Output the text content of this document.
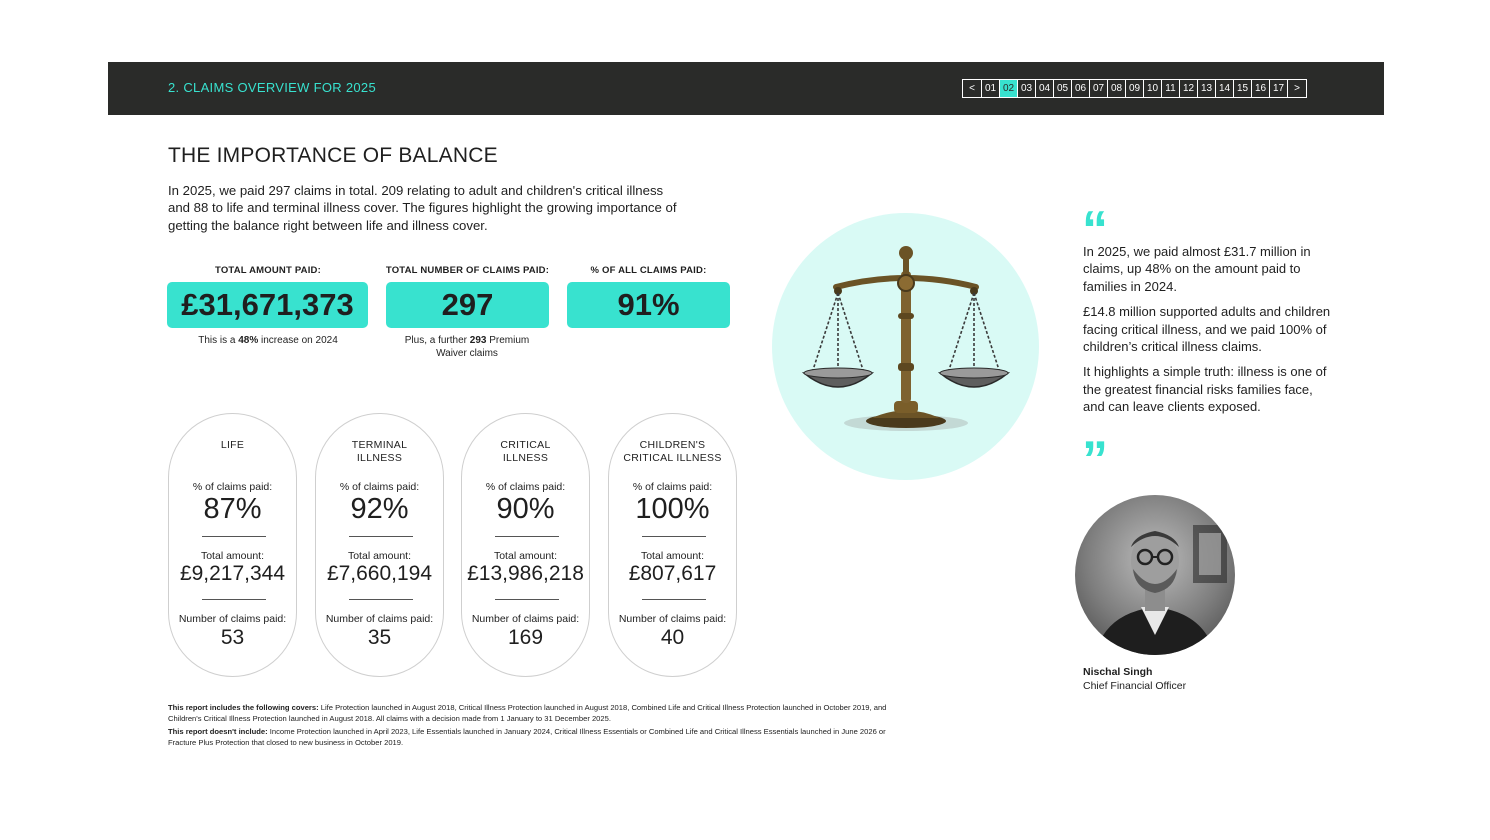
2. CLAIMS OVERVIEW FOR 2025	<	01 02 03 04 05 06 07 08 09 10 11 12 13 14 15 16 17	>
THE IMPORTANCE OF BALANCE
In 2025, we paid 297 claims in total. 209 relating to adult and children's critical illness and 88 to life and terminal illness cover. The figures highlight the growing importance of getting the balance right between life and illness cover.
TOTAL AMOUNT PAID:
£31,671,373
This is a 48% increase on 2024
TOTAL NUMBER OF CLAIMS PAID:
297
Plus, a further 293 Premium Waiver claims
% OF ALL CLAIMS PAID:
91%
LIFE
% of claims paid:
87%
Total amount:
£9,217,344
Number of claims paid:
53
TERMINAL
ILLNESS
% of claims paid:
92%
Total amount:
£7,660,194
Number of claims paid:
35
CRITICAL
ILLNESS
% of claims paid:
90%
Total amount:
£13,986,218
Number of claims paid:
169
CHILDREN'S
CRITICAL ILLNESS
% of claims paid:
100%
Total amount:
£807,617
Number of claims paid:
40
This report includes the following covers: Life Protection launched in August 2018, Critical Illness Protection launched in August 2018, Combined Life and Critical Illness Protection launched in October 2019, and Children's Critical Illness Protection launched in August 2018. All claims with a decision made from 1 January to 31 December 2025.
This report doesn't include: Income Protection launched in April 2023, Life Essentials launched in January 2024, Critical Illness Essentials or Combined Life and Critical Illness Essentials launched in June 2026 or Fracture Plus Protection that closed to new business in October 2019.
“

In 2025, we paid almost £31.7 million in claims, up 48% on the amount paid to families in 2024.

£14.8 million supported adults and children facing critical illness, and we paid 100% of children’s critical illness claims.

It highlights a simple truth: illness is one of the greatest financial risks families face, and can leave clients exposed.

”
Nischal Singh
Chief Financial Officer
